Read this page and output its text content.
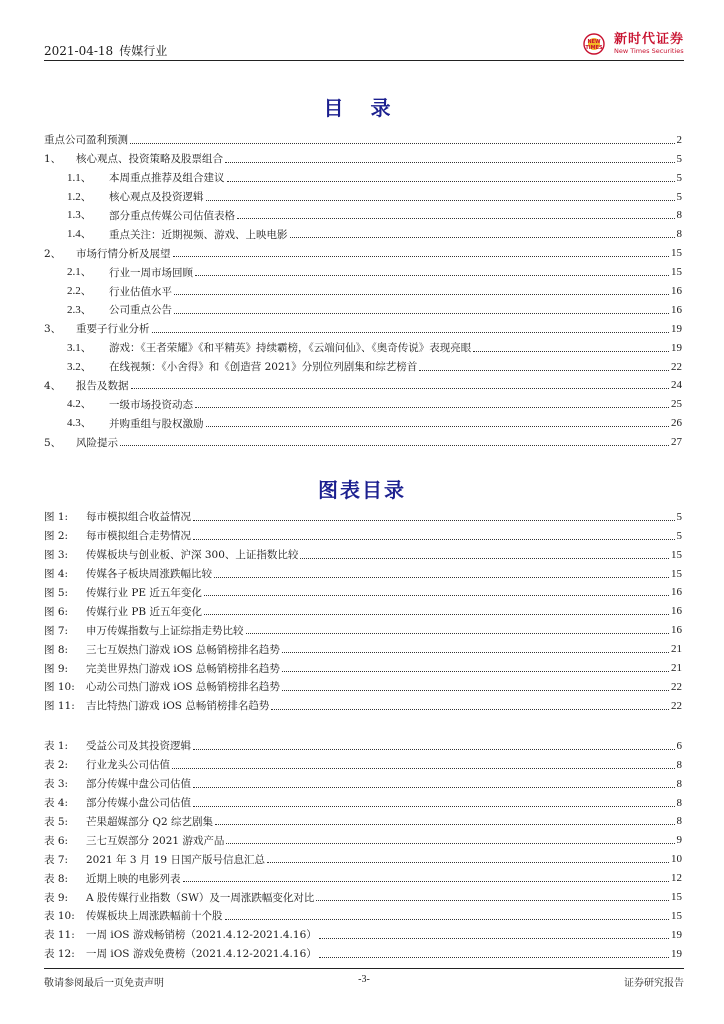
2021-04-18 传媒行业
NEW
TIMES
新时代证券
New Times Securities
目 录
重点公司盈利预测	2
1、	核心观点、投资策略及股票组合	5
1.1、	本周重点推荐及组合建议	5
1.2、	核心观点及投资逻辑	5
1.3、	部分重点传媒公司估值表格	8
1.4、	重点关注：近期视频、游戏、上映电影	8
2、	市场行情分析及展望	15
2.1、	行业一周市场回顾	15
2.2、	行业估值水平	16
2.3、	公司重点公告	16
3、	重要子行业分析	19
3.1、	游戏：《王者荣耀》《和平精英》持续霸榜，《云端问仙》、《奥奇传说》表现亮眼	19
3.2、	在线视频：《小舍得》和《创造营 2021》分别位列剧集和综艺榜首	22
4、	报告及数据	24
4.2、	一级市场投资动态	25
4.3、	并购重组与股权激励	26
5、	风险提示	27
图表目录
图 1:	每市模拟组合收益情况	5
图 2:	每市模拟组合走势情况	5
图 3:	传媒板块与创业板、沪深 300、上证指数比较	15
图 4:	传媒各子板块周涨跌幅比较	15
图 5:	传媒行业 PE 近五年变化	16
图 6:	传媒行业 PB 近五年变化	16
图 7:	申万传媒指数与上证综指走势比较	16
图 8:	三七互娱热门游戏 iOS 总畅销榜排名趋势	21
图 9:	完美世界热门游戏 iOS 总畅销榜排名趋势	21
图 10:	心动公司热门游戏 iOS 总畅销榜排名趋势	22
图 11:	吉比特热门游戏 iOS 总畅销榜排名趋势	22
表 1:	受益公司及其投资逻辑	6
表 2:	行业龙头公司估值	8
表 3:	部分传媒中盘公司估值	8
表 4:	部分传媒小盘公司估值	8
表 5:	芒果超媒部分 Q2 综艺剧集	8
表 6:	三七互娱部分 2021 游戏产品	9
表 7:	2021 年 3 月 19 日国产版号信息汇总	10
表 8:	近期上映的电影列表	12
表 9:	A 股传媒行业指数（SW）及一周涨跌幅变化对比	15
表 10:	传媒板块上周涨跌幅前十个股	15
表 11:	一周 iOS 游戏畅销榜（2021.4.12-2021.4.16）	19
表 12:	一周 iOS 游戏免费榜（2021.4.12-2021.4.16）	19
敬请参阅最后一页免责声明	-3-	证券研究报告
